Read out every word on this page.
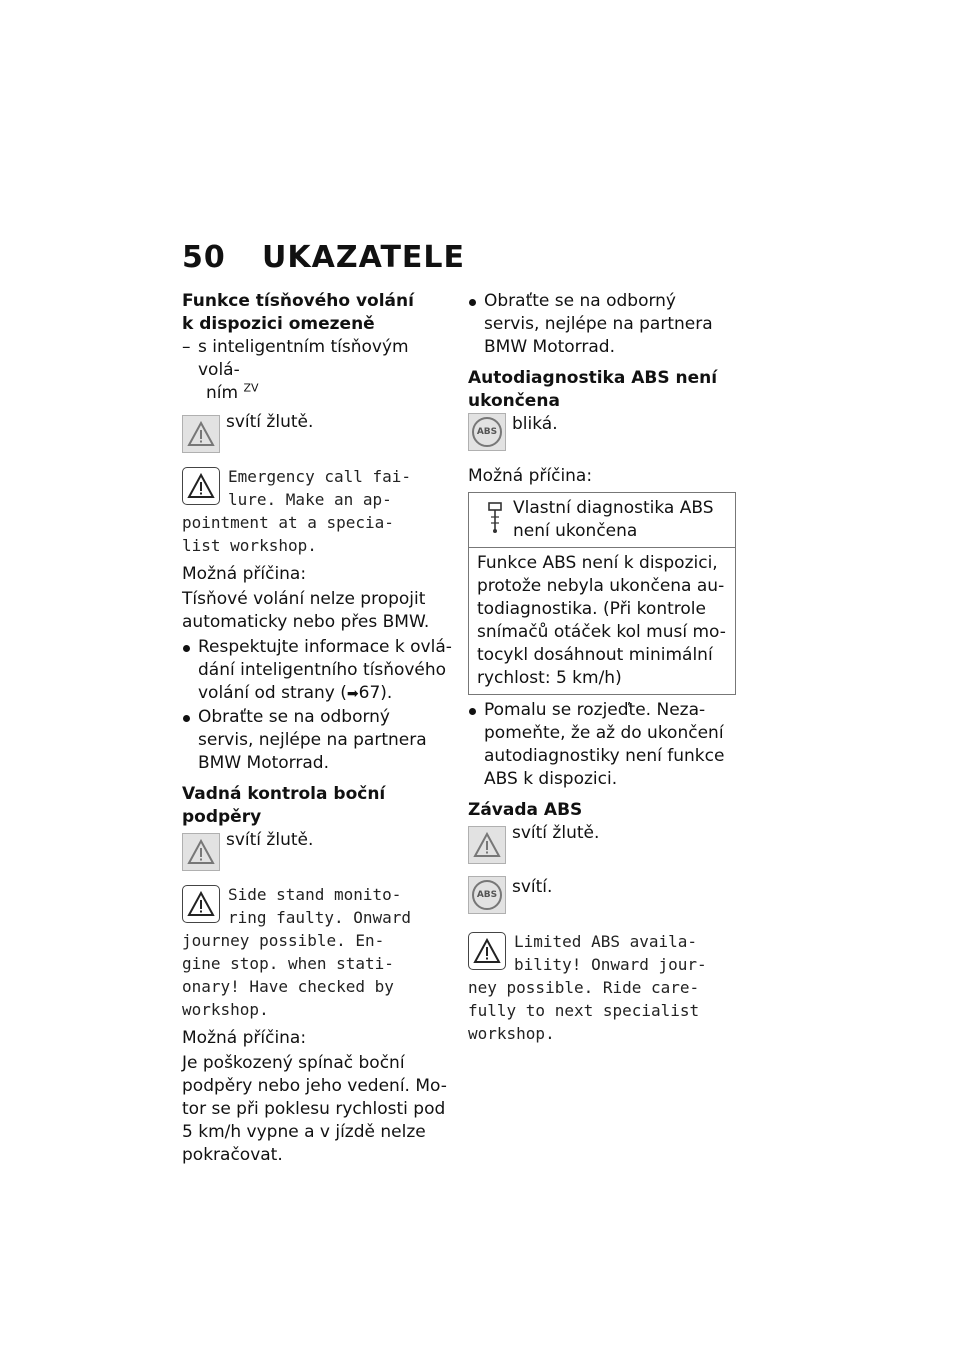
50 UKAZATELE
Funkce tísňového volání
k dispozici omezeně
– s inteligentním tísňovým volá-
ním $^{ZV}$
svítí žlutě.
Emergency call fai-
lure. Make an ap-
pointment at a specia-
list workshop.
Možná příčina:
Tísňové volání nelze propojit
automaticky nebo přes BMW.
Respektujte informace k ovlá-
dání inteligentního tísňového
volání od strany (➡67).
Obraťte se na odborný
servis, nejlépe na partnera
BMW Motorrad.
Vadná kontrola boční podpěry
svítí žlutě.
Side stand monito-
ring faulty. Onward
journey possible. En-
gine stop. when stati-
onary! Have checked by
workshop.
Možná příčina:
Je poškozený spínač boční
podpěry nebo jeho vedení. Mo-
tor se při poklesu rychlosti pod
5 km/h vypne a v jízdě nelze
pokračovat.
Obraťte se na odborný
servis, nejlépe na partnera
BMW Motorrad.
Autodiagnostika ABS není
ukončena
ABS bliká.
Možná příčina:
Vlastní diagnostika ABS
není ukončena

Funkce ABS není k dispozici,
protože nebyla ukončena au-
todiagnostika. (Při kontrole
snímačů otáček kol musí mo-
tocykl dosáhnout minimální
rychlost: 5 km/h)
Pomalu se rozjeďte. Neza-
pomeňte, že až do ukončení
autodiagnostiky není funkce
ABS k dispozici.
Závada ABS
svítí žlutě.
ABS svítí.
Limited ABS availa-
bility! Onward jour-
ney possible. Ride care-
fully to next specialist
workshop.
